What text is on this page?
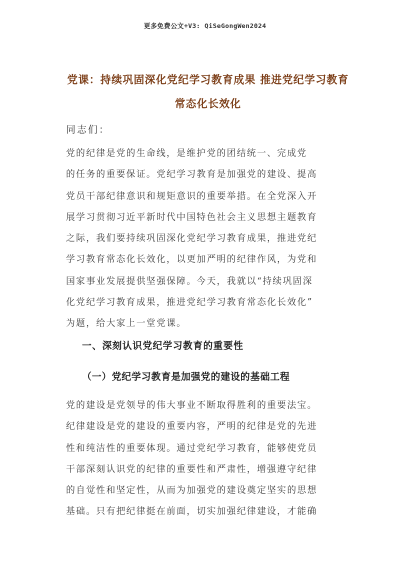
更多免费公文+V3: QiSeGongWen2024
党课：持续巩固深化党纪学习教育成果 推进党纪学习教育
常态化长效化
同志们：
党的纪律是党的生命线，是维护党的团结统一、完成党
的任务的重要保证。党纪学习教育是加强党的建设、提高
党员干部纪律意识和规矩意识的重要举措。在全党深入开
展学习贯彻习近平新时代中国特色社会主义思想主题教育
之际，我们要持续巩固深化党纪学习教育成果，推进党纪
学习教育常态化长效化，以更加严明的纪律作风，为党和
国家事业发展提供坚强保障。今天，我就以“持续巩固深
化党纪学习教育成果，推进党纪学习教育常态化长效化”
为题，给大家上一堂党课。
一、深刻认识党纪学习教育的重要性
（一）党纪学习教育是加强党的建设的基础工程
党的建设是党领导的伟大事业不断取得胜利的重要法宝。
纪律建设是党的建设的重要内容，严明的纪律是党的先进
性和纯洁性的重要体现。通过党纪学习教育，能够使党员
干部深刻认识党的纪律的重要性和严肃性，增强遵守纪律
的自觉性和坚定性，从而为加强党的建设奠定坚实的思想
基础。只有把纪律挺在前面，切实加强纪律建设，才能确
